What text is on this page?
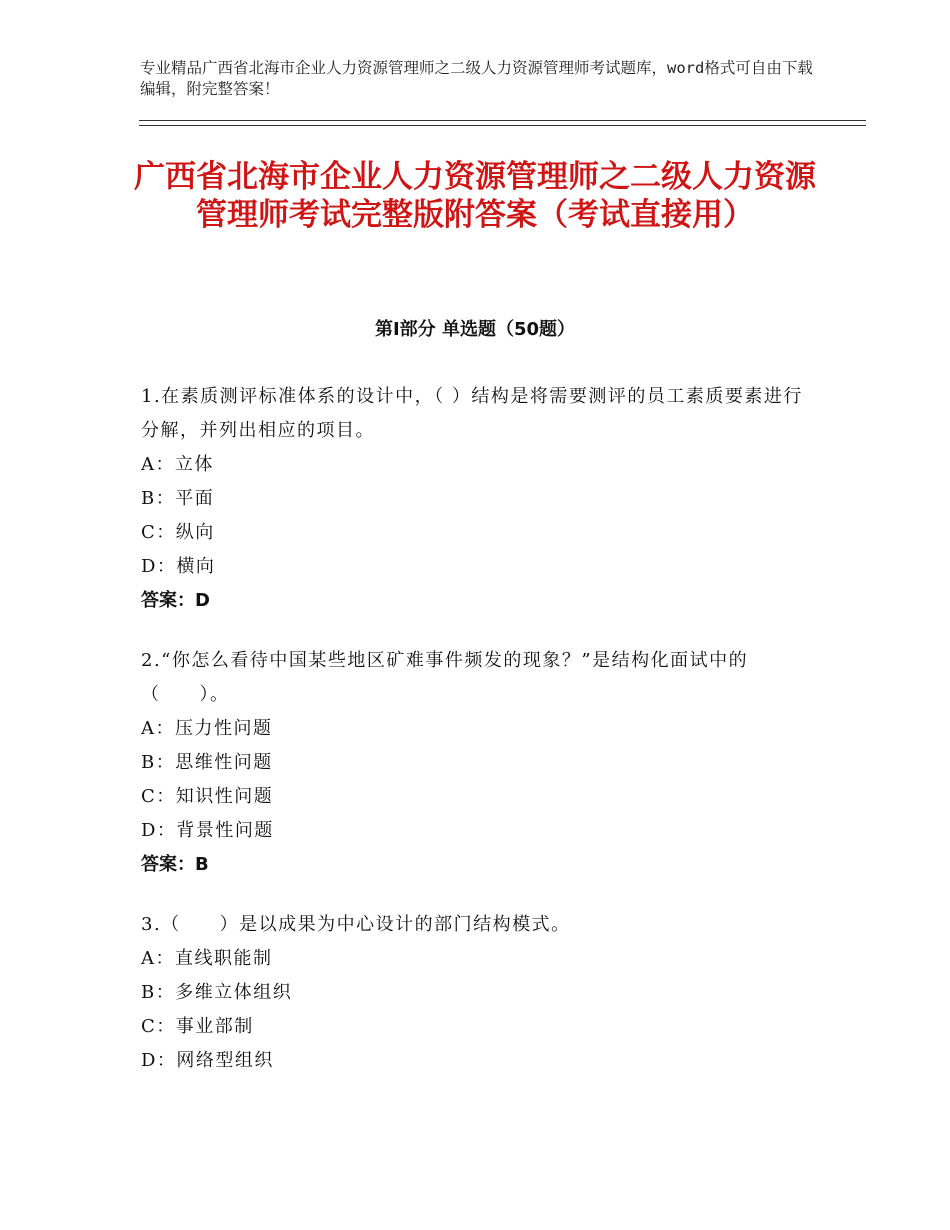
专业精品广西省北海市企业人力资源管理师之二级人力资源管理师考试题库，word格式可自由下载编辑，附完整答案！
广西省北海市企业人力资源管理师之二级人力资源管理师考试完整版附答案（考试直接用）
第Ⅰ部分 单选题（50题）
1.在素质测评标准体系的设计中，（ ）结构是将需要测评的员工素质要素进行分解，并列出相应的项目。
A：立体
B：平面
C：纵向
D：横向
答案：D
2.“你怎么看待中国某些地区矿难事件频发的现象？”是结构化面试中的（　　）。
A：压力性问题
B：思维性问题
C：知识性问题
D：背景性问题
答案：B
3.（　　）是以成果为中心设计的部门结构模式。
A：直线职能制
B：多维立体组织
C：事业部制
D：网络型组织
